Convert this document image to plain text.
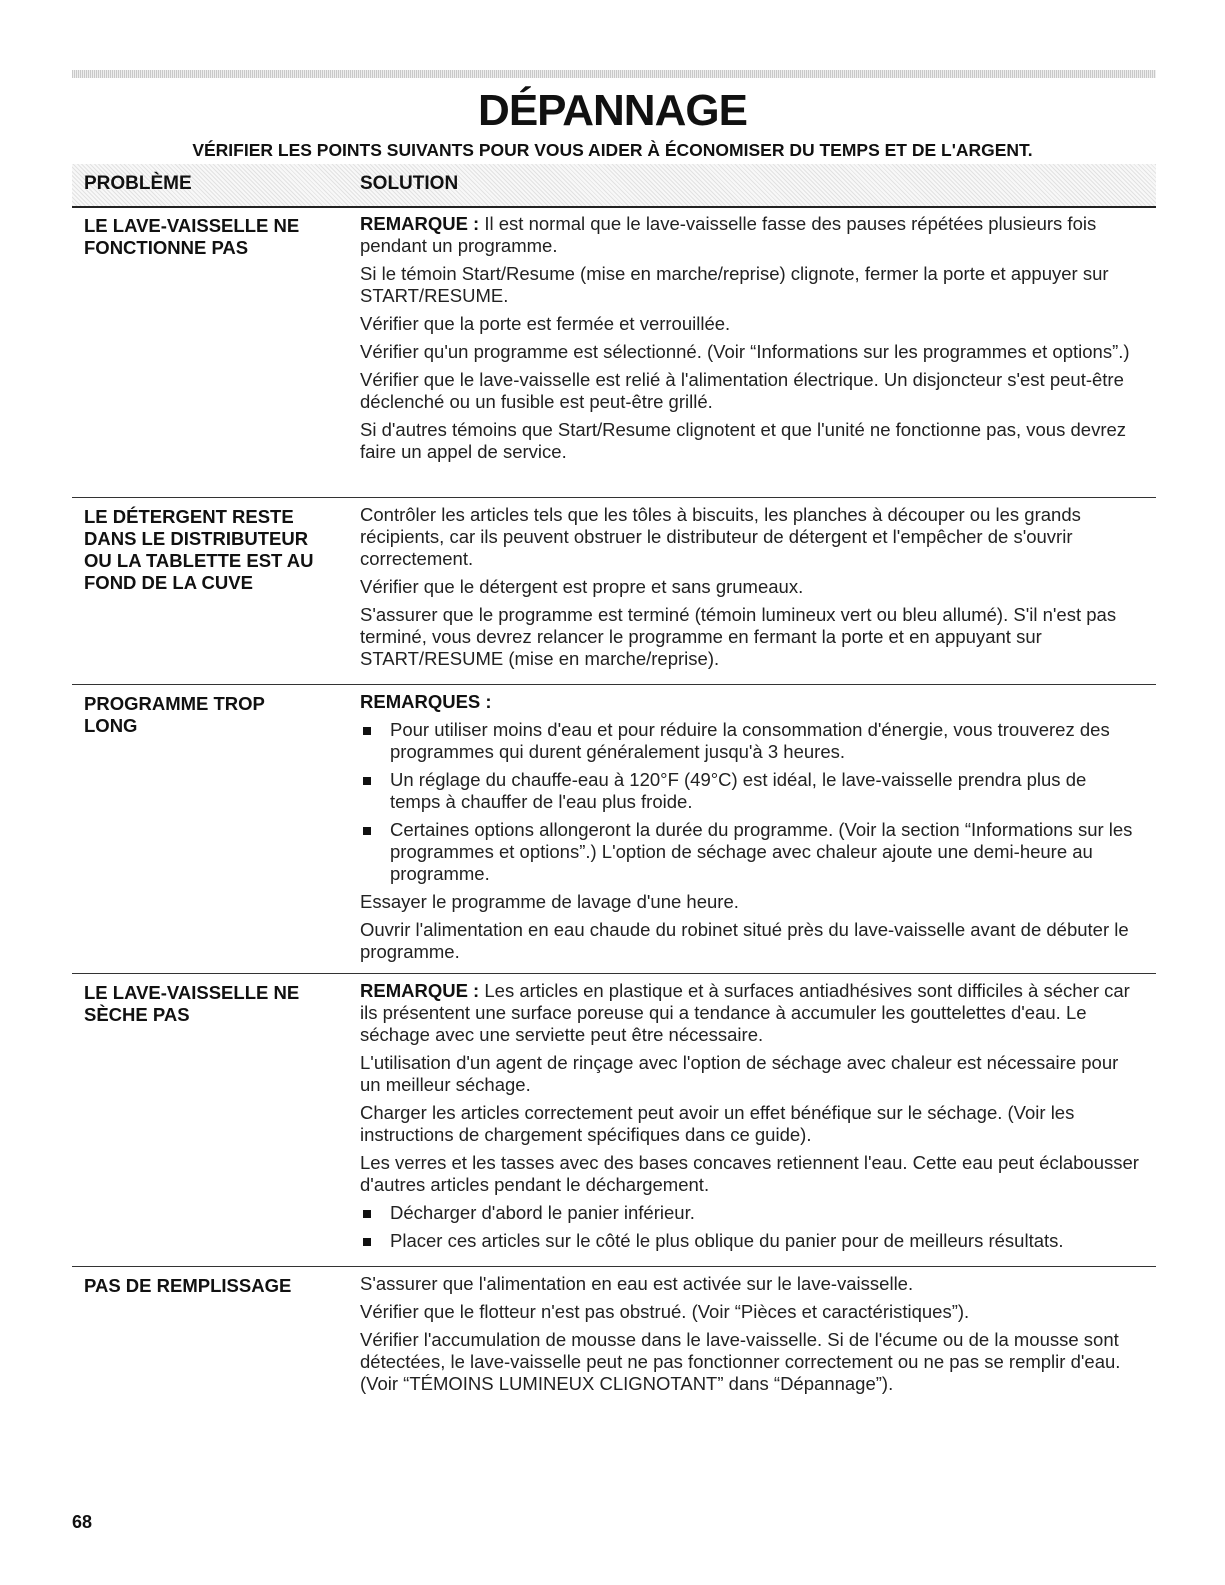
DÉPANNAGE
VÉRIFIER LES POINTS SUIVANTS POUR VOUS AIDER À ÉCONOMISER DU TEMPS ET DE L'ARGENT.
PROBLÈME	SOLUTION
LE LAVE-VAISSELLE NE
FONCTIONNE PAS

REMARQUE : Il est normal que le lave-vaisselle fasse des pauses répétées plusieurs fois pendant un programme.

Si le témoin Start/Resume (mise en marche/reprise) clignote, fermer la porte et appuyer sur START/RESUME.

Vérifier que la porte est fermée et verrouillée.

Vérifier qu'un programme est sélectionné. (Voir “Informations sur les programmes et options”.)

Vérifier que le lave-vaisselle est relié à l'alimentation électrique. Un disjoncteur s'est peut-être déclenché ou un fusible est peut-être grillé.

Si d'autres témoins que Start/Resume clignotent et que l'unité ne fonctionne pas, vous devrez faire un appel de service.

LE DÉTERGENT RESTE
DANS LE DISTRIBUTEUR
OU LA TABLETTE EST AU
FOND DE LA CUVE

Contrôler les articles tels que les tôles à biscuits, les planches à découper ou les grands récipients, car ils peuvent obstruer le distributeur de détergent et l'empêcher de s'ouvrir correctement.

Vérifier que le détergent est propre et sans grumeaux.

S'assurer que le programme est terminé (témoin lumineux vert ou bleu allumé). S'il n'est pas terminé, vous devrez relancer le programme en fermant la porte et en appuyant sur START/RESUME (mise en marche/reprise).

PROGRAMME TROP
LONG

REMARQUES :

Pour utiliser moins d'eau et pour réduire la consommation d'énergie, vous trouverez des programmes qui durent généralement jusqu'à 3 heures.
Un réglage du chauffe-eau à 120°F (49°C) est idéal, le lave-vaisselle prendra plus de temps à chauffer de l'eau plus froide.
Certaines options allongeront la durée du programme. (Voir la section “Informations sur les programmes et options”.) L'option de séchage avec chaleur ajoute une demi-heure au programme.

Essayer le programme de lavage d'une heure.

Ouvrir l'alimentation en eau chaude du robinet situé près du lave-vaisselle avant de débuter le programme.

LE LAVE-VAISSELLE NE
SÈCHE PAS

REMARQUE : Les articles en plastique et à surfaces antiadhésives sont difficiles à sécher car ils présentent une surface poreuse qui a tendance à accumuler les gouttelettes d'eau. Le séchage avec une serviette peut être nécessaire.

L'utilisation d'un agent de rinçage avec l'option de séchage avec chaleur est nécessaire pour un meilleur séchage.

Charger les articles correctement peut avoir un effet bénéfique sur le séchage. (Voir les instructions de chargement spécifiques dans ce guide).

Les verres et les tasses avec des bases concaves retiennent l'eau. Cette eau peut éclabousser d'autres articles pendant le déchargement.

Décharger d'abord le panier inférieur.
Placer ces articles sur le côté le plus oblique du panier pour de meilleurs résultats.
PAS DE REMPLISSAGE	S'assurer que l'alimentation en eau est activée sur le lave-vaisselle.

Vérifier que le flotteur n'est pas obstrué. (Voir “Pièces et caractéristiques”).

Vérifier l'accumulation de mousse dans le lave-vaisselle. Si de l'écume ou de la mousse sont détectées, le lave-vaisselle peut ne pas fonctionner correctement ou ne pas se remplir d'eau. (Voir “TÉMOINS LUMINEUX CLIGNOTANT” dans “Dépannage”).

68
